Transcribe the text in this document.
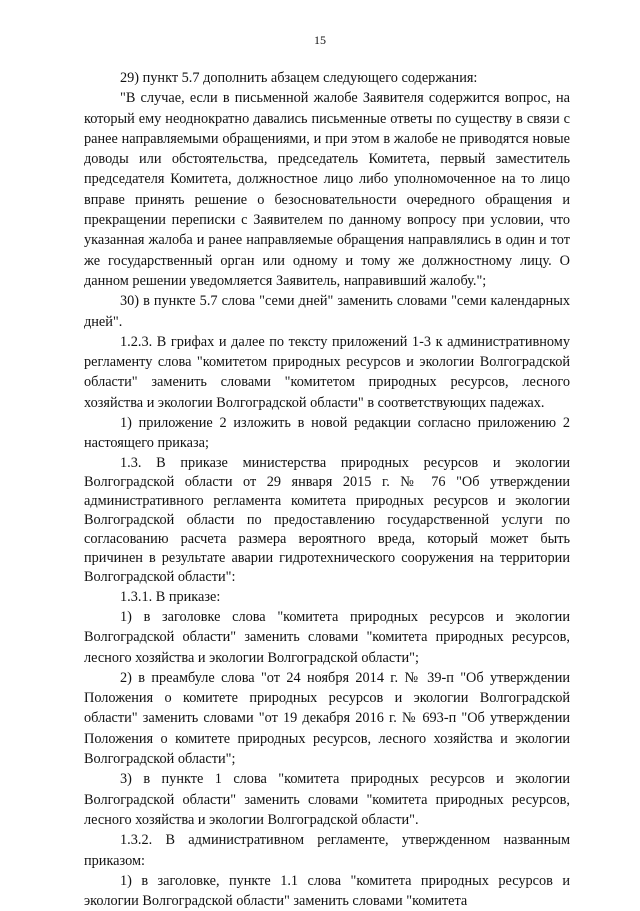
15

29) пункт 5.7 дополнить абзацем следующего содержания:

"В случае, если в письменной жалобе Заявителя содержится вопрос, на который ему неоднократно давались письменные ответы по существу в связи с ранее направляемыми обращениями, и при этом в жалобе не приводятся новые доводы или обстоятельства, председатель Комитета, первый заместитель председателя Комитета, должностное лицо либо уполномоченное на то лицо вправе принять решение о безосновательности очередного обращения и прекращении переписки с Заявителем по данному вопросу при условии, что указанная жалоба и ранее направляемые обращения направлялись в один и тот же государственный орган или одному и тому же должностному лицу. О данном решении уведомляется Заявитель, направивший жалобу.";

30) в пункте 5.7 слова "семи дней" заменить словами "семи календарных дней".

1.2.3. В грифах и далее по тексту приложений 1-3 к административному регламенту слова "комитетом природных ресурсов и экологии Волгоградской области" заменить словами "комитетом природных ресурсов, лесного хозяйства и экологии Волгоградской области" в соответствующих падежах.

1) приложение 2 изложить в новой редакции согласно приложению 2 настоящего приказа;

1.3. В приказе министерства природных ресурсов и экологии Волгоградской области от 29 января 2015 г. № 76 "Об утверждении административного регламента комитета природных ресурсов и экологии Волгоградской области по предоставлению государственной услуги по согласованию расчета размера вероятного вреда, который может быть причинен в результате аварии гидротехнического сооружения на территории Волгоградской области":

1.3.1. В приказе:

1) в заголовке слова "комитета природных ресурсов и экологии Волгоградской области" заменить словами "комитета природных ресурсов, лесного хозяйства и экологии Волгоградской области";

2) в преамбуле слова "от 24 ноября 2014 г. № 39-п "Об утверждении Положения о комитете природных ресурсов и экологии Волгоградской области" заменить словами "от 19 декабря 2016 г. № 693-п "Об утверждении Положения о комитете природных ресурсов, лесного хозяйства и экологии Волгоградской области";

3) в пункте 1 слова "комитета природных ресурсов и экологии Волгоградской области" заменить словами "комитета природных ресурсов, лесного хозяйства и экологии Волгоградской области".

1.3.2. В административном регламенте, утвержденном названным приказом:

1) в заголовке, пункте 1.1 слова "комитета природных ресурсов и экологии Волгоградской области" заменить словами "комитета
